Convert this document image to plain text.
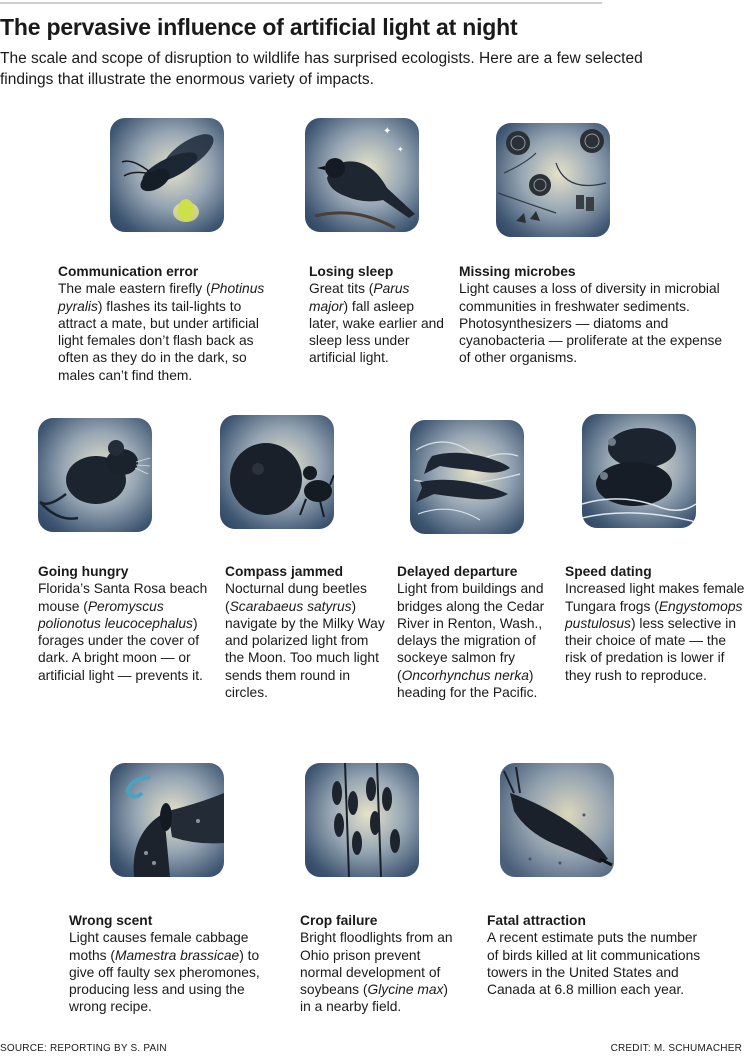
The pervasive influence of artificial light at night
The scale and scope of disruption to wildlife has surprised ecologists. Here are a few selected findings that illustrate the enormous variety of impacts.
Communication error
The male eastern firefly (Photinus pyralis) flashes its tail-lights to attract a mate, but under artificial light females don’t flash back as often as they do in the dark, so males can’t find them.
✦
✦
Losing sleep
Great tits (Parus major) fall asleep later, wake earlier and sleep less under artificial light.
Missing microbes
Light causes a loss of diversity in microbial communities in freshwater sediments. Photosynthesizers — diatoms and cyanobacteria — proliferate at the expense of other organisms.
Going hungry
Florida’s Santa Rosa beach mouse (Peromyscus polionotus leucocephalus) forages under the cover of dark. A bright moon — or artificial light — prevents it.
Compass jammed
Nocturnal dung beetles (Scarabaeus satyrus) navigate by the Milky Way and polarized light from the Moon. Too much light sends them round in circles.
Delayed departure
Light from buildings and bridges along the Cedar River in Renton, Wash., delays the migration of sockeye salmon fry (Oncorhynchus nerka) heading for the Pacific.
Speed dating
Increased light makes female Tungara frogs (Engystomops pustulosus) less selective in their choice of mate — the risk of predation is lower if they rush to reproduce.
Wrong scent
Light causes female cabbage moths (Mamestra brassicae) to give off faulty sex pheromones, producing less and using the wrong recipe.
Crop failure
Bright floodlights from an Ohio prison prevent normal development of soybeans (Glycine max) in a nearby field.
Fatal attraction
A recent estimate puts the number of birds killed at lit communications towers in the United States and Canada at 6.8 million each year.
SOURCE: REPORTING BY S. PAIN	CREDIT: M. SCHUMACHER
